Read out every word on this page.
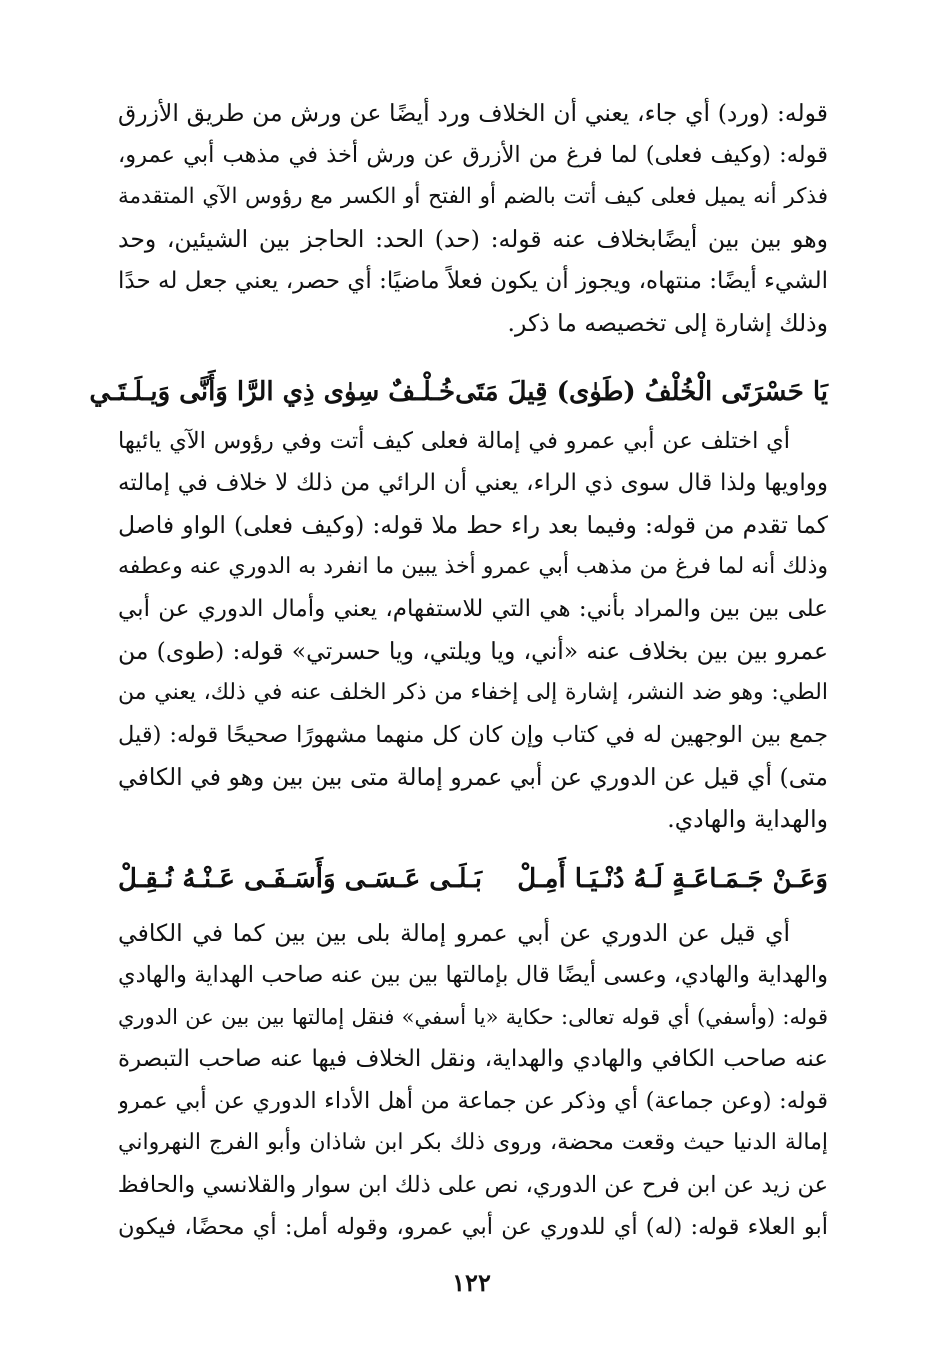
قوله: (ورد) أي جاء، يعني أن الخلاف ورد أيضًا عن ورش من طريق الأزرق
قوله: (وكيف فعلى) لما فرغ من الأزرق عن ورش أخذ في مذهب أبي عمرو،
فذكر أنه يميل فعلى كيف أتت بالضم أو الفتح أو الكسر مع رؤوس الآي المتقدمة
وهو بين بين أيضًابخلاف عنه قوله: (حد) الحد: الحاجز بين الشيئين، وحد
الشيء أيضًا: منتهاه، ويجوز أن يكون فعلاً ماضيًا: أي حصر، يعني جعل له حدًا
وذلك إشارة إلى تخصيصه ما ذكر.
يَا حَسْرَتَى الْخُلْفُ (طَوٰى) قِيلَ مَتَى
خُـلْـفٌ سِوٰى ذِي الرَّا وَأَنَّى وَيـلَـتَـي
أي اختلف عن أبي عمرو في إمالة فعلى كيف أتت وفي رؤوس الآي يائيها
وواويها ولذا قال سوى ذي الراء، يعني أن الرائي من ذلك لا خلاف في إمالته
كما تقدم من قوله: وفيما بعد راء حط ملا قوله: (وكيف فعلى) الواو فاصل
وذلك أنه لما فرغ من مذهب أبي عمرو أخذ يبين ما انفرد به الدوري عنه وعطفه
على بين بين والمراد بأني: هي التي للاستفهام، يعني وأمال الدوري عن أبي
عمرو بين بين بخلاف عنه «أني، ويا ويلتي، ويا حسرتي» قوله: (طوى) من
الطي: وهو ضد النشر، إشارة إلى إخفاء من ذكر الخلف عنه في ذلك، يعني من
جمع بين الوجهين له في كتاب وإن كان كل منهما مشهورًا صحيحًا قوله: (قيل
متى) أي قيل عن الدوري عن أبي عمرو إمالة متى بين بين وهو في الكافي
والهداية والهادي.
وَعَـنْ جَـمَـاعَـةٍ لَـهُ دُنْـيَـا أَمِـلْ
بَـلَـى عَـسَـى وَأَسَـفَـى عَـنْـهُ نُـقِـلْ
أي قيل عن الدوري عن أبي عمرو إمالة بلى بين بين كما في الكافي
والهداية والهادي، وعسى أيضًا قال بإمالتها بين بين عنه صاحب الهداية والهادي
قوله: (وأسفي) أي قوله تعالى: حكاية «يا أسفي» فنقل إمالتها بين بين عن الدوري
عنه صاحب الكافي والهادي والهداية، ونقل الخلاف فيها عنه صاحب التبصرة
قوله: (وعن جماعة) أي وذكر عن جماعة من أهل الأداء الدوري عن أبي عمرو
إمالة الدنيا حيث وقعت محضة، وروى ذلك بكر ابن شاذان وأبو الفرج النهرواني
عن زيد عن ابن فرح عن الدوري، نص على ذلك ابن سوار والقلانسي والحافظ
أبو العلاء قوله: (له) أي للدوري عن أبي عمرو، وقوله أمل: أي محضًا، فيكون
١٢٢
